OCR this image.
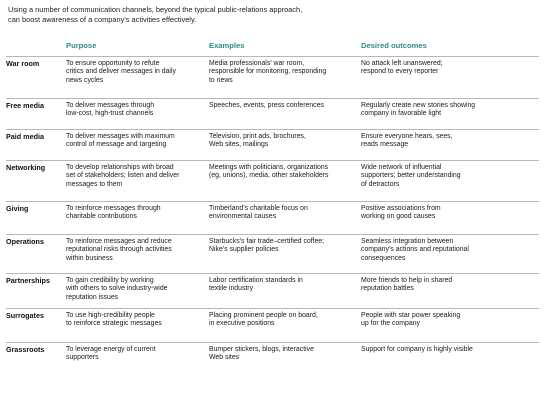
Using a number of communication channels, beyond the typical public-relations approach,
can boost awareness of a company’s activities effectively.
	Purpose	Examples	Desired outcomes
War room	To ensure opportunity to refute
critics and deliver messages in daily
news cycles	Media professionals’ war room,
responsible for monitoring, responding
to news	No attack left unanswered;
respond to every reporter

Free media	To deliver messages through
low-cost, high-trust channels	Speeches, events, press conferences	Regularly create new stories showing
company in favorable light

Paid media	To deliver messages with maximum
control of message and targeting	Television, print ads, brochures,
Web sites, mailings	Ensure everyone hears, sees,
reads message

Networking	To develop relationships with broad
set of stakeholders; listen and deliver
messages to them	Meetings with politicians, organizations
(eg, unions), media, other stakeholders	Wide network of influential
supporters; better understanding
of detractors

Giving	To reinforce messages through
charitable contributions	Timberland’s charitable focus on
environmental causes	Positive associations from
working on good causes

Operations	To reinforce messages and reduce
reputational risks through activities
within business	Starbucks’s fair trade–certified coffee;
Nike’s supplier policies	Seamless integration between
company’s actions and reputational
consequences

Partnerships	To gain credibility by working
with others to solve industry-wide
reputation issues	Labor certification standards in
textile industry	More friends to help in shared
reputation battles

Surrogates	To use high-credibility people
to reinforce strategic messages	Placing prominent people on board,
in executive positions	People with star power speaking
up for the company

Grassroots	To leverage energy of current
supporters	Bumper stickers, blogs, interactive
Web sites	Support for company is highly visible
